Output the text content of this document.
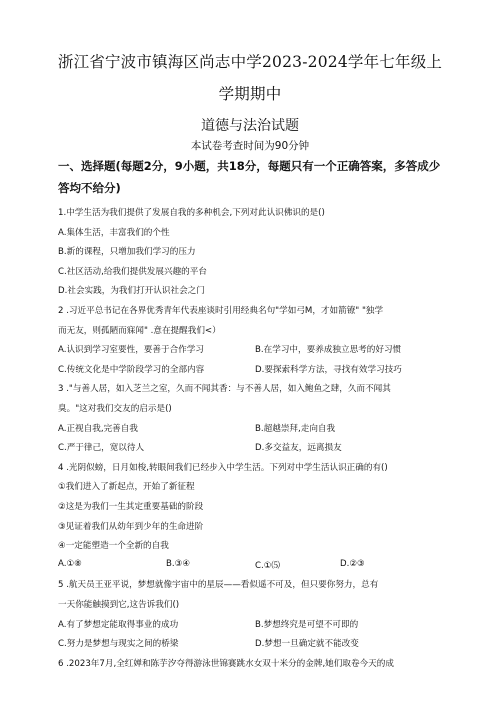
浙江省宁波市镇海区尚志中学2023-2024学年七年级上
学期期中
道德与法治试题
本试卷考查时间为90分钟
一、选择题(每题2分，9小题，共18分，每题只有一个正确答案，多答成少
答均不给分)
1.中学生活为我们提供了发展自我的多种机会,下列对此认识佛识的是()
A.集体生活，丰富我们的个性
B.新的课程，只增加我们学习的压力
C.社区活动,给我们提供发展兴趣的平台
D.社会实践，为我们打开认识社会之门
2 .习近平总书记在各界优秀青年代表座谈时引用经典名句"学如弓M，才如箭镣" "独学
而无友，则孤陋而寐闻" .意在提醒我们<）
A.认识到学习室要性，要善于合作学习	B.在学习中，要养成独立思考的好习惯
C.传统文化是中学阶段学习的全部内容	D.要探索科学方法，寻找有效学习技巧
3 ."与善人居，如入芝兰之室，久而不闻其香：与不善人居，如入鲍鱼之肆，久而不闻其
臭。"这对我们交友的启示是()
A.正视自我,完善自我	B.超越崇拜,走向自我
C.严于律己，宽以待人	D.多交益友，远离损友
4 .光阴似螃，日月如梭,转眼间我们已经步入中学生活。下列对中学生活认识正确的有()
①我们进入了新起点，开始了新征程
②这是为我们一生其定重要基础的阶段
③见证着我们从幼年到少年的生命进阶
④一定能塑造一个全新的自我
A.①⑧	B.③④	C.①⑸	D.②③
5 .航天员王亚平说，梦想就像宇宙中的星辰——看似遥不可及，但只要你努力，总有
一天你能触摸到它,这告诉我们()
A.有了梦想定能取得事业的成功	B.梦想终究是可望不可即的
C.努力是梦想与现实之间的桥梁	D.梦想一旦确定就不能改变
6 .2023年7月,全红婵和陈芋汐夺得游泳世锦赛跳水女双十米分的金牌,她们取卷今天的成
